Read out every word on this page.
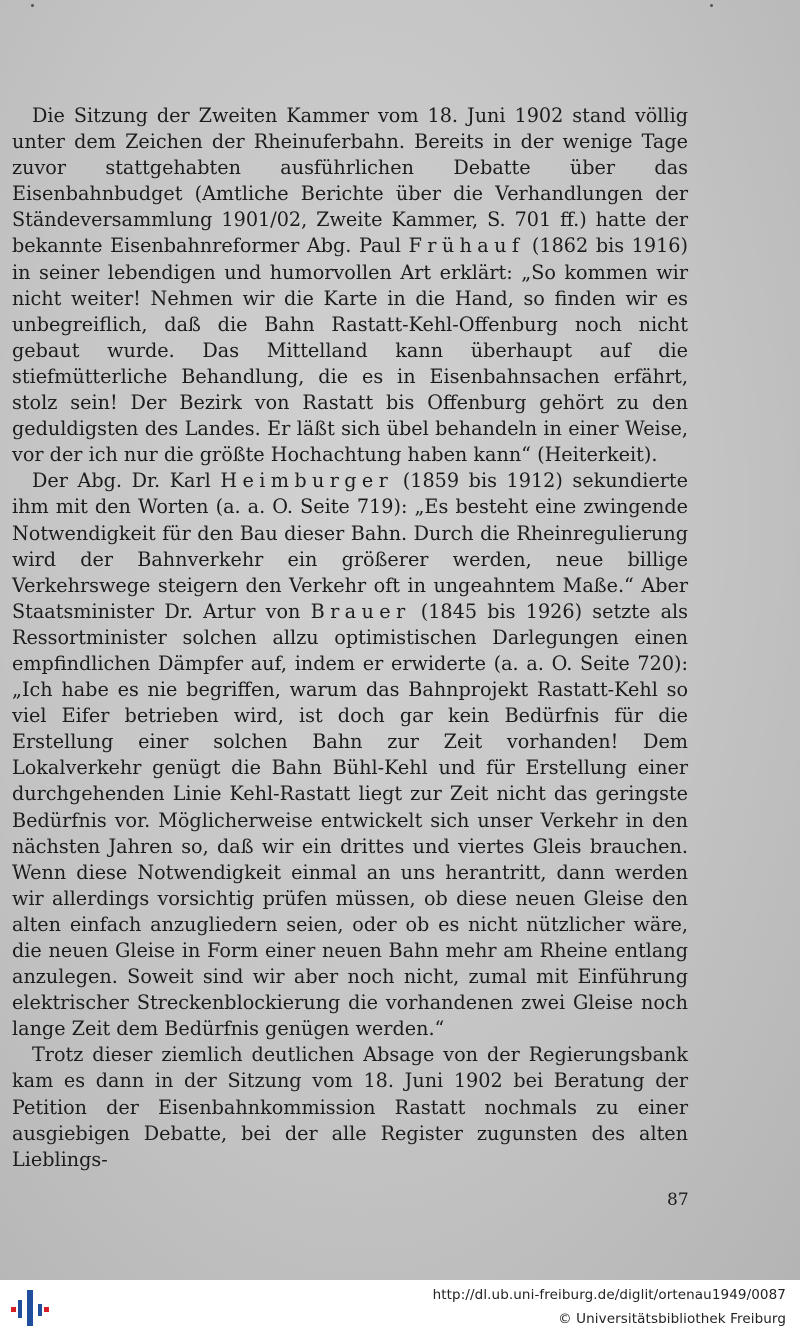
Die Sitzung der Zweiten Kammer vom 18. Juni 1902 stand völlig unter dem Zeichen der Rheinuferbahn. Bereits in der wenige Tage zuvor stattgehabten ausführlichen Debatte über das Eisenbahnbudget (Amtliche Berichte über die Verhandlungen der Ständeversammlung 1901/02, Zweite Kammer, S. 701 ff.) hatte der bekannte Eisenbahnreformer Abg. Paul Frühauf (1862 bis 1916) in seiner lebendigen und humorvollen Art erklärt: „So kommen wir nicht weiter! Nehmen wir die Karte in die Hand, so finden wir es unbegreiflich, daß die Bahn Rastatt-Kehl-Offenburg noch nicht gebaut wurde. Das Mittelland kann überhaupt auf die stiefmütterliche Behandlung, die es in Eisenbahnsachen erfährt, stolz sein! Der Bezirk von Rastatt bis Offenburg gehört zu den geduldigsten des Landes. Er läßt sich übel behandeln in einer Weise, vor der ich nur die größte Hochachtung haben kann“ (Heiterkeit).

Der Abg. Dr. Karl Heimburger (1859 bis 1912) sekundierte ihm mit den Worten (a. a. O. Seite 719): „Es besteht eine zwingende Notwendigkeit für den Bau dieser Bahn. Durch die Rheinregulierung wird der Bahnverkehr ein größerer werden, neue billige Verkehrswege steigern den Verkehr oft in ungeahntem Maße.“ Aber Staatsminister Dr. Artur von Brauer (1845 bis 1926) setzte als Ressortminister solchen allzu optimistischen Darlegungen einen empfindlichen Dämpfer auf, indem er erwiderte (a. a. O. Seite 720): „Ich habe es nie begriffen, warum das Bahnprojekt Rastatt-Kehl so viel Eifer betrieben wird, ist doch gar kein Bedürfnis für die Erstellung einer solchen Bahn zur Zeit vorhanden! Dem Lokalverkehr genügt die Bahn Bühl-Kehl und für Erstellung einer durchgehenden Linie Kehl-Rastatt liegt zur Zeit nicht das geringste Bedürfnis vor. Möglicherweise entwickelt sich unser Verkehr in den nächsten Jahren so, daß wir ein drittes und viertes Gleis brauchen. Wenn diese Notwendigkeit einmal an uns herantritt, dann werden wir allerdings vorsichtig prüfen müssen, ob diese neuen Gleise den alten einfach anzugliedern seien, oder ob es nicht nützlicher wäre, die neuen Gleise in Form einer neuen Bahn mehr am Rheine entlang anzulegen. Soweit sind wir aber noch nicht, zumal mit Einführung elektrischer Streckenblockierung die vorhandenen zwei Gleise noch lange Zeit dem Bedürfnis genügen werden.“

Trotz dieser ziemlich deutlichen Absage von der Regierungsbank kam es dann in der Sitzung vom 18. Juni 1902 bei Beratung der Petition der Eisenbahnkommission Rastatt nochmals zu einer ausgiebigen Debatte, bei der alle Register zugunsten des alten Lieblings-

87
http://dl.ub.uni-freiburg.de/diglit/ortenau1949/0087
© Universitätsbibliothek Freiburg
